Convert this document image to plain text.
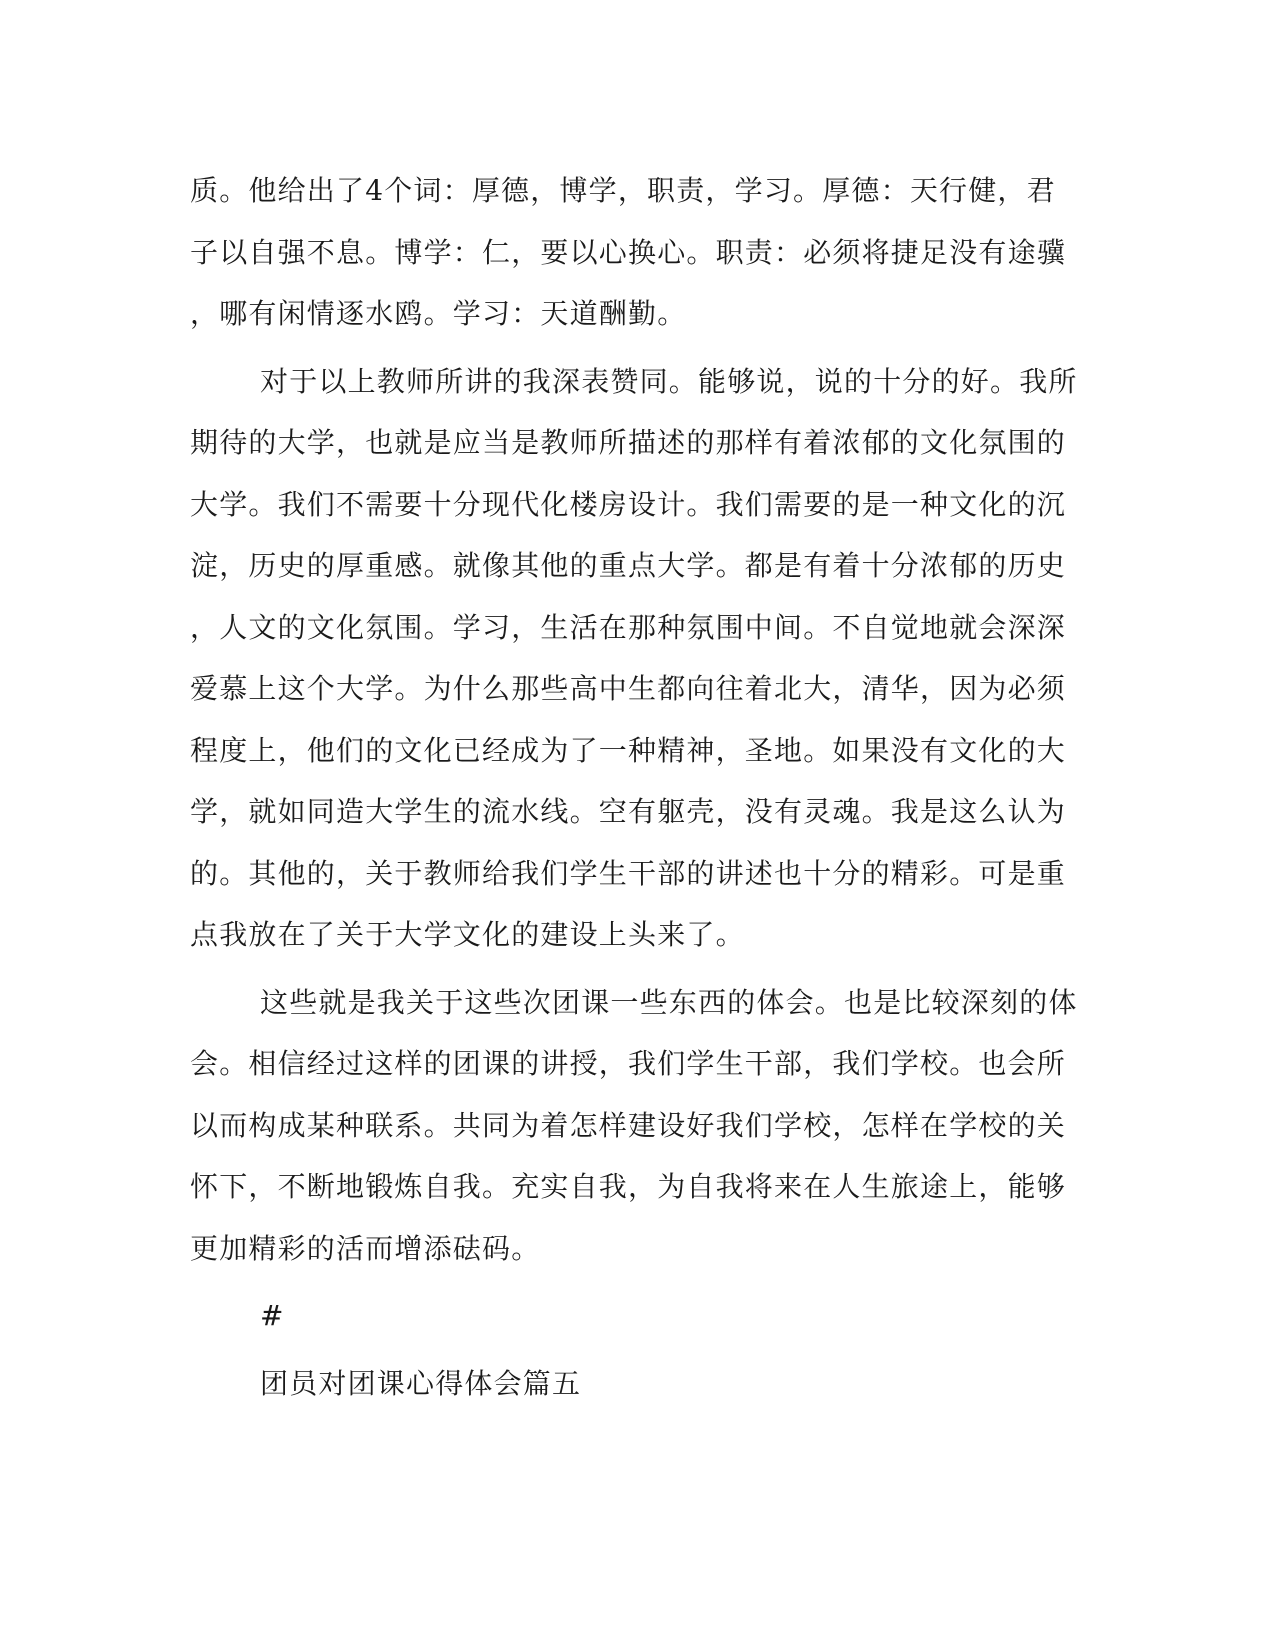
质。他给出了4个词：厚德，博学，职责，学习。厚德：天行健，君
子以自强不息。博学：仁，要以心换心。职责：必须将捷足没有途骥
，哪有闲情逐水鸥。学习：天道酬勤。
对于以上教师所讲的我深表赞同。能够说，说的十分的好。我所
期待的大学，也就是应当是教师所描述的那样有着浓郁的文化氛围的
大学。我们不需要十分现代化楼房设计。我们需要的是一种文化的沉
淀，历史的厚重感。就像其他的重点大学。都是有着十分浓郁的历史
，人文的文化氛围。学习，生活在那种氛围中间。不自觉地就会深深
爱慕上这个大学。为什么那些高中生都向往着北大，清华，因为必须
程度上，他们的文化已经成为了一种精神，圣地。如果没有文化的大
学，就如同造大学生的流水线。空有躯壳，没有灵魂。我是这么认为
的。其他的，关于教师给我们学生干部的讲述也十分的精彩。可是重
点我放在了关于大学文化的建设上头来了。
这些就是我关于这些次团课一些东西的体会。也是比较深刻的体
会。相信经过这样的团课的讲授，我们学生干部，我们学校。也会所
以而构成某种联系。共同为着怎样建设好我们学校，怎样在学校的关
怀下，不断地锻炼自我。充实自我，为自我将来在人生旅途上，能够
更加精彩的活而增添砝码。
#
团员对团课心得体会篇五
